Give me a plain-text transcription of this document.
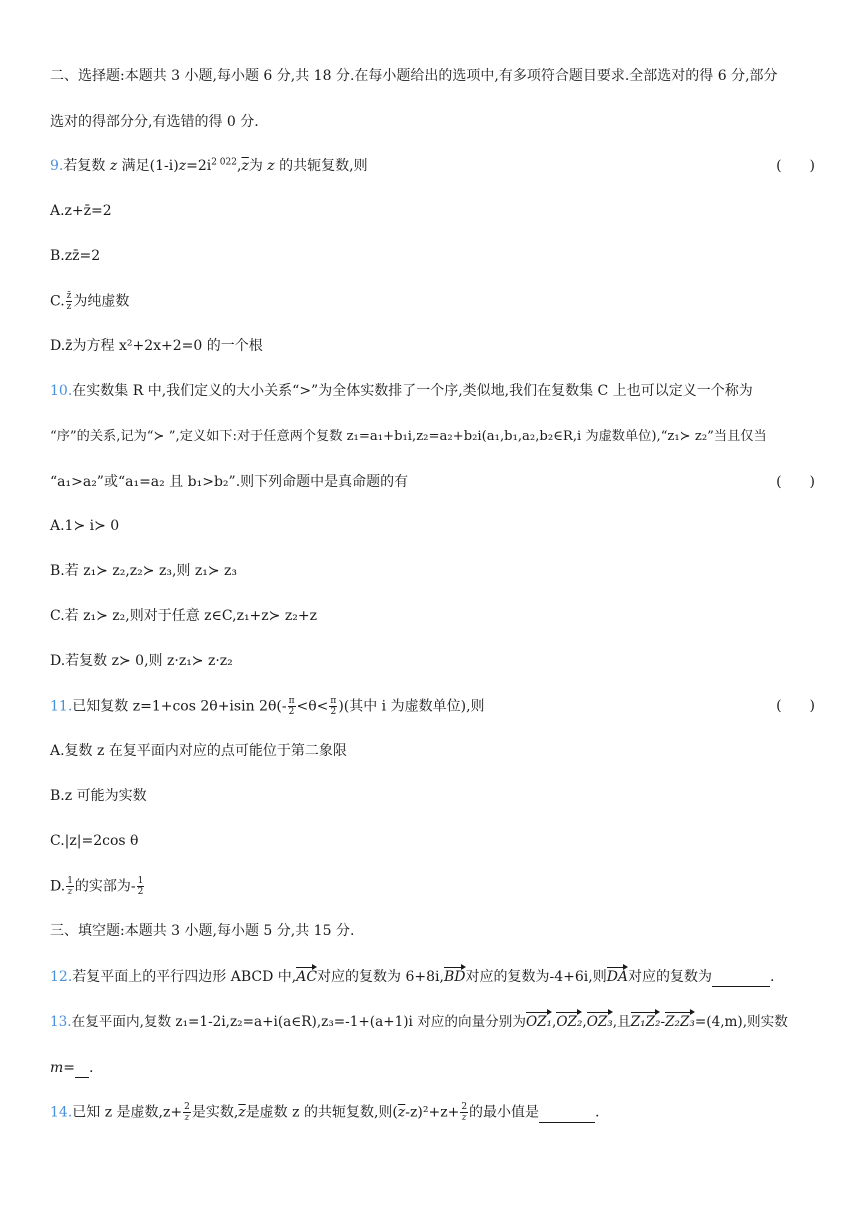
二、选择题:本题共 3 小题,每小题 6 分,共 18 分.在每小题给出的选项中,有多项符合题目要求.全部选对的得 6 分,部分
选对的得部分分,有选错的得 0 分.
9.若复数 z 满足$(1-i)z=2i^{2 022},\overline{z}$为 z 的共轭复数,则	(　　)
A.z+z̄=2
B.zz̄=2
C. $\frac{z̄}{z}$ 为纯虚数
D.z̄为方程 x²+2x+2=0 的一个根
10.在实数集 R 中,我们定义的大小关系“>”为全体实数排了一个序,类似地,我们在复数集 C 上也可以定义一个称为
“序”的关系,记为“≻ ”,定义如下:对于任意两个复数 z₁=a₁+b₁i,z₂=a₂+b₂i(a₁,b₁,a₂,b₂∈R,i 为虚数单位),“z₁≻ z₂”当且仅当
“a₁>a₂”或“a₁=a₂ 且 b₁>b₂”.则下列命题中是真命题的有	(　　)
A.1≻ i≻ 0
B.若 z₁≻ z₂,z₂≻ z₃,则 z₁≻ z₃
C.若 z₁≻ z₂,则对于任意 z∈C,z₁+z≻ z₂+z
D.若复数 z≻ 0,则 z·z₁≻ z·z₂
11.已知复数 z=1+cos 2θ+isin $2\theta(- \frac{\pi}{2} <\theta< \frac{\pi}{2}$ )(其中 i 为虚数单位),则	(　　)
A.复数 z 在复平面内对应的点可能位于第二象限
B.z 可能为实数
C.|z|=2cos θ
D. $\frac{1}{z}$ 的实部为- $\frac{1}{2}$
三、填空题:本题共 3 小题,每小题 5 分,共 15 分.
12.若复平面上的平行四边形 ABCD 中,AC对应的复数为 6+8i,BD对应的复数为-4+6i,则DA对应的复数为	.
13.在复平面内,复数 z₁=1-2i,z₂=a+i(a∈R),z₃=-1+(a+1)i 对应的向量分别为OZ₁,OZ₂,OZ₃,且Z₁Z₂-Z₂Z₃=(4,m),则实数
m= .
14.已知 z 是虚数$,z+ \frac{2}{z}$ 是实数$,\overline{z}$是虚数 z 的共轭复数,则$(\overline{z}-z)^2+z+ \frac{2}{z}$ 的最小值是	.
